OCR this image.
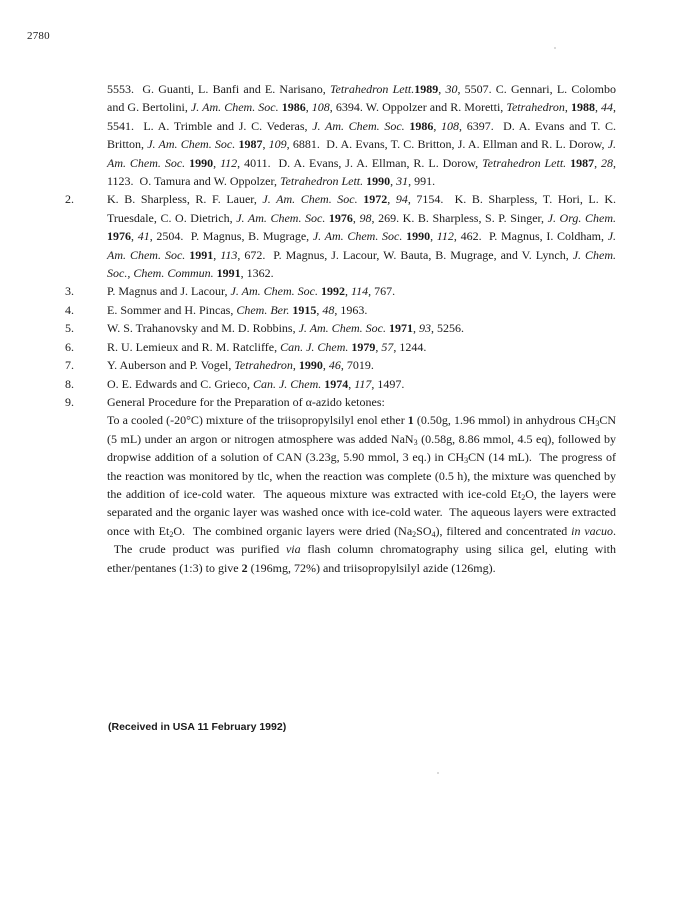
2780

5553.  G. Guanti, L. Banfi and E. Narisano, Tetrahedron Lett.1989, 30, 5507. C. Gennari, L. Colombo and G. Bertolini, J. Am. Chem. Soc. 1986, 108, 6394. W. Oppolzer and R. Moretti, Tetrahedron, 1988, 44, 5541.  L. A. Trimble and J. C. Vederas, J. Am. Chem. Soc. 1986, 108, 6397.  D. A. Evans and T. C. Britton, J. Am. Chem. Soc. 1987, 109, 6881.  D. A. Evans, T. C. Britton, J. A. Ellman and R. L. Dorow, J. Am. Chem. Soc. 1990, 112, 4011.  D. A. Evans, J. A. Ellman, R. L. Dorow, Tetrahedron Lett. 1987, 28, 1123.  O. Tamura and W. Oppolzer, Tetrahedron Lett. 1990, 31, 991.

2.	K. B. Sharpless, R. F. Lauer, J. Am. Chem. Soc. 1972, 94, 7154.  K. B. Sharpless, T. Hori, L. K. Truesdale, C. O. Dietrich, J. Am. Chem. Soc. 1976, 98, 269. K. B. Sharpless, S. P. Singer, J. Org. Chem. 1976, 41, 2504.  P. Magnus, B. Mugrage, J. Am. Chem. Soc. 1990, 112, 462.  P. Magnus, I. Coldham, J. Am. Chem. Soc. 1991, 113, 672.  P. Magnus, J. Lacour, W. Bauta, B. Mugrage, and V. Lynch, J. Chem. Soc., Chem. Commun. 1991, 1362.

3.	P. Magnus and J. Lacour, J. Am. Chem. Soc. 1992, 114, 767.

4.	E. Sommer and H. Pincas, Chem. Ber. 1915, 48, 1963.

5.	W. S. Trahanovsky and M. D. Robbins, J. Am. Chem. Soc. 1971, 93, 5256.

6.	R. U. Lemieux and R. M. Ratcliffe, Can. J. Chem. 1979, 57, 1244.

7.	Y. Auberson and P. Vogel, Tetrahedron, 1990, 46, 7019.

8.	O. E. Edwards and C. Grieco, Can. J. Chem. 1974, 117, 1497.

9.	General Procedure for the Preparation of α-azido ketones:
To a cooled (-20°C) mixture of the triisopropylsilyl enol ether 1 (0.50g, 1.96 mmol) in anhydrous $CH_3CN$ (5 mL) under an argon or nitrogen atmosphere was added NaN$_3$ (0.58g, 8.86 mmol, 4.5 eq), followed by dropwise addition of a solution of CAN (3.23g, 5.90 mmol, 3 eq.) in $CH_3CN$ (14 mL).  The progress of the reaction was monitored by tlc, when the reaction was complete (0.5 h), the mixture was quenched by the addition of ice-cold water.  The aqueous mixture was extracted with ice-cold $Et_2O$, the layers were separated and the organic layer was washed once with ice-cold water.  The aqueous layers were extracted once with $Et_2O$.  The combined organic layers were dried $(Na_2SO_4)$, filtered and concentrated in vacuo.  The crude product was purified via flash column chromatography using silica gel, eluting with ether/pentanes (1:3) to give 2 (196mg, 72%) and triisopropylsilyl azide (126mg).

(Received in USA 11 February 1992)
